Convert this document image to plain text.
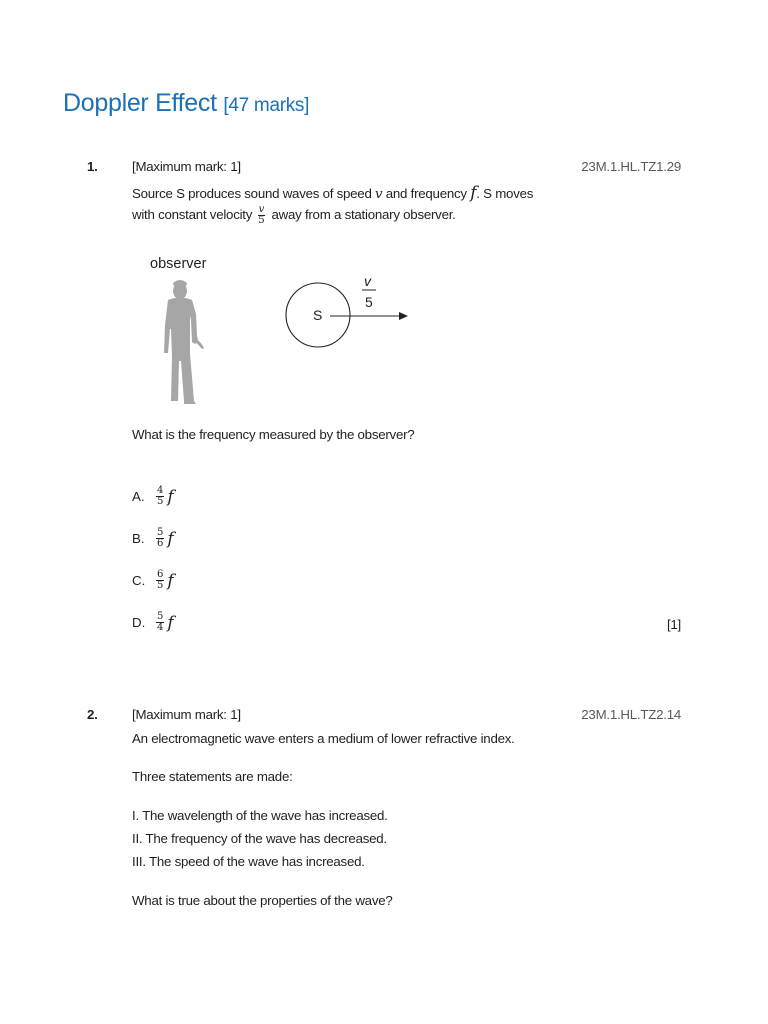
Doppler Effect [47 marks]
1.	[Maximum mark: 1]	23M.1.HL.TZ1.29
Source S produces sound waves of speed v and frequency f. S moves
with constant velocity $\frac{v}{5}$ away from a stationary observer.
observer
S
v
5
What is the frequency measured by the observer?
A.	$\frac{4}{5}$ f
B.	$\frac{5}{6}$ f
C.	$\frac{6}{5}$ f
D.	$\frac{5}{4}$ f	[1]
2.	[Maximum mark: 1]	23M.1.HL.TZ2.14
An electromagnetic wave enters a medium of lower refractive index.
Three statements are made:
I. The wavelength of the wave has increased.
II. The frequency of the wave has decreased.
III. The speed of the wave has increased.
What is true about the properties of the wave?
